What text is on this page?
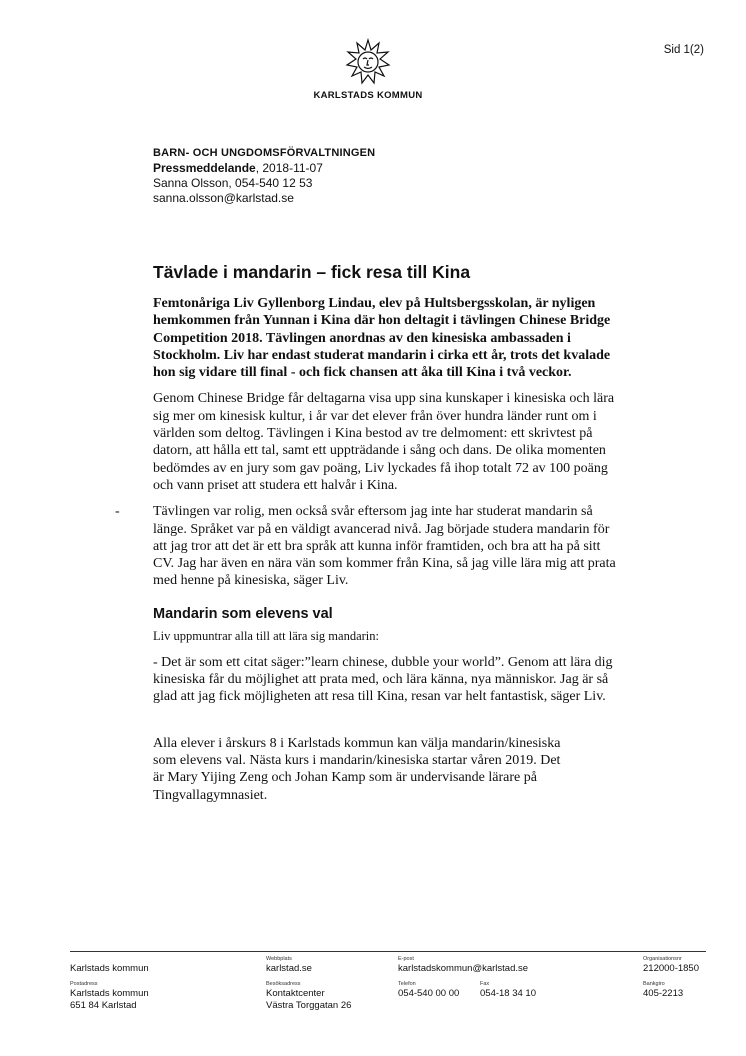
Sid 1(2)
KARLSTADS KOMMUN
BARN- OCH UNGDOMSFÖRVALTNINGEN
Pressmeddelande, 2018-11-07
Sanna Olsson, 054-540 12 53
sanna.olsson@karlstad.se
Tävlade i mandarin – fick resa till Kina

Femtonåriga Liv Gyllenborg Lindau, elev på Hultsbergsskolan, är nyligen hemkommen från Yunnan i Kina där hon deltagit i tävlingen Chinese Bridge Competition 2018. Tävlingen anordnas av den kinesiska ambassaden i Stockholm. Liv har endast studerat mandarin i cirka ett år, trots det kvalade hon sig vidare till final - och fick chansen att åka till Kina i två veckor.

Genom Chinese Bridge får deltagarna visa upp sina kunskaper i kinesiska och lära sig mer om kinesisk kultur, i år var det elever från över hundra länder runt om i världen som deltog. Tävlingen i Kina bestod av tre delmoment: ett skrivtest på datorn, att hålla ett tal, samt ett uppträdande i sång och dans. De olika momenten bedömdes av en jury som gav poäng, Liv lyckades få ihop totalt 72 av 100 poäng och vann priset att studera ett halvår i Kina.

- Tävlingen var rolig, men också svår eftersom jag inte har studerat mandarin så länge. Språket var på en väldigt avancerad nivå. Jag började studera mandarin för att jag tror att det är ett bra språk att kunna inför framtiden, och bra att ha på sitt CV. Jag har även en nära vän som kommer från Kina, så jag ville lära mig att prata med henne på kinesiska, säger Liv.
Mandarin som elevens val

Liv uppmuntrar alla till att lära sig mandarin:

- Det är som ett citat säger:”learn chinese, dubble your world”. Genom att lära dig kinesiska får du möjlighet att prata med, och lära känna, nya människor. Jag är så glad att jag fick möjligheten att resa till Kina, resan var helt fantastisk, säger Liv.

Alla elever i årskurs 8 i Karlstads kommun kan välja mandarin/kinesiska som elevens val. Nästa kurs i mandarin/kinesiska startar våren 2019. Det är Mary Yijing Zeng och Johan Kamp som är undervisande lärare på Tingvallagymnasiet.

Karlstads kommun
Webbplats
karlstad.se
E-post
karlstadskommun@karlstad.se
Organisationsnr
212000-1850
Postadress
Karlstads kommun
651 84 Karlstad
Besöksadress
Kontaktcenter
Västra Torggatan 26
Telefon
054-540 00 00
Fax
054-18 34 10
Bankgiro
405-2213
